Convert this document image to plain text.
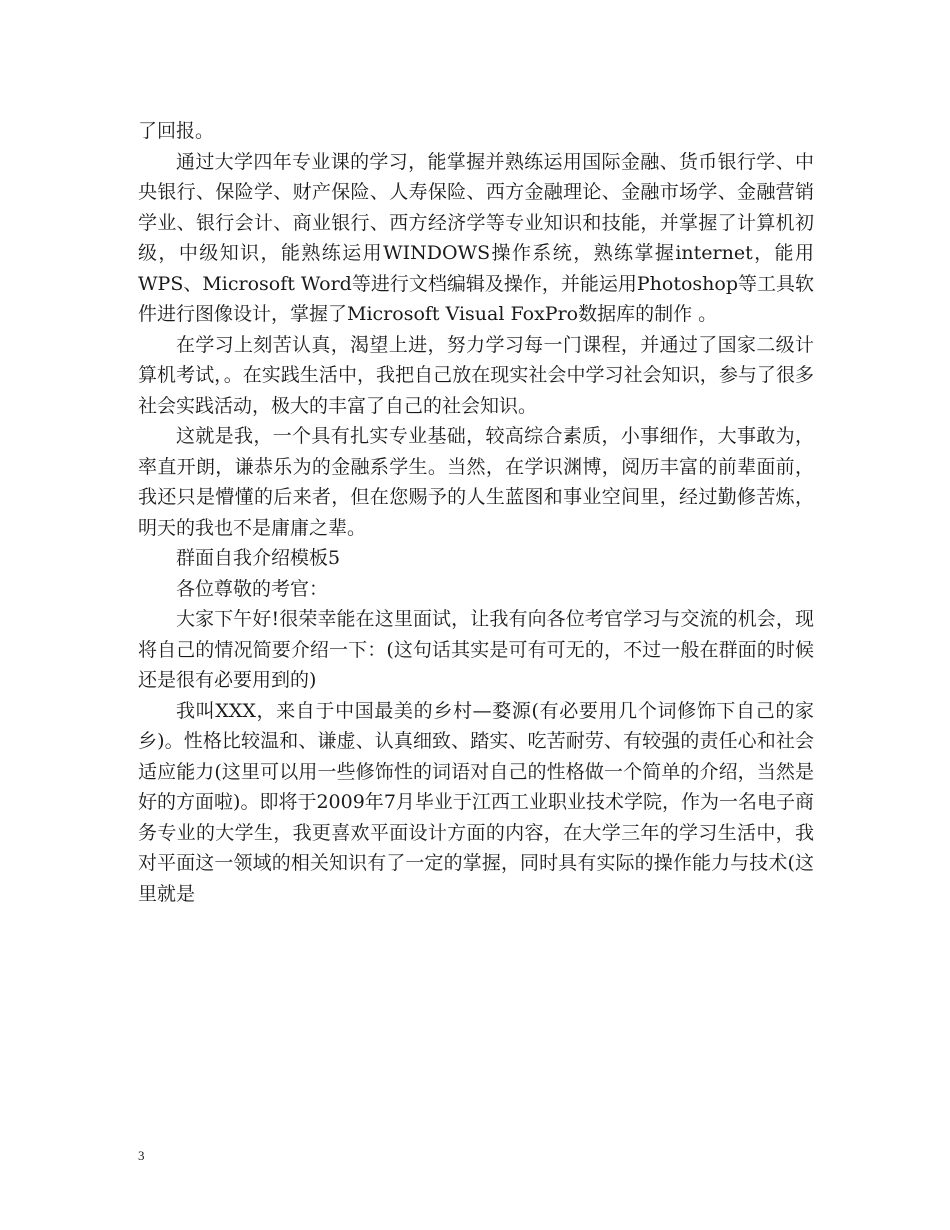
了回报。

通过大学四年专业课的学习，能掌握并熟练运用国际金融、货币银行学、中央银行、保险学、财产保险、人寿保险、西方金融理论、金融市场学、金融营销学业、银行会计、商业银行、西方经济学等专业知识和技能，并掌握了计算机初级，中级知识，能熟练运用WINDOWS操作系统，熟练掌握internet，能用 WPS、Microsoft Word等进行文档编辑及操作，并能运用Photoshop等工具软件进行图像设计，掌握了Microsoft Visual FoxPro数据库的制作 。

在学习上刻苦认真，渴望上进，努力学习每一门课程，并通过了国家二级计算机考试，。在实践生活中，我把自己放在现实社会中学习社会知识，参与了很多社会实践活动，极大的丰富了自己的社会知识。

这就是我，一个具有扎实专业基础，较高综合素质，小事细作，大事敢为，率直开朗，谦恭乐为的金融系学生。当然，在学识渊博，阅历丰富的前辈面前，我还只是懵懂的后来者，但在您赐予的人生蓝图和事业空间里，经过勤修苦炼，明天的我也不是庸庸之辈。

群面自我介绍模板5

各位尊敬的考官：

大家下午好!很荣幸能在这里面试，让我有向各位考官学习与交流的机会，现将自己的情况简要介绍一下：(这句话其实是可有可无的，不过一般在群面的时候还是很有必要用到的)

我叫XXX，来自于中国最美的乡村—婺源(有必要用几个词修饰下自己的家乡)。性格比较温和、谦虚、认真细致、踏实、吃苦耐劳、有较强的责任心和社会适应能力(这里可以用一些修饰性的词语对自己的性格做一个简单的介绍，当然是好的方面啦)。即将于2009年7月毕业于江西工业职业技术学院，作为一名电子商务专业的大学生，我更喜欢平面设计方面的内容，在大学三年的学习生活中，我对平面这一领域的相关知识有了一定的掌握，同时具有实际的操作能力与技术(这里就是

3
